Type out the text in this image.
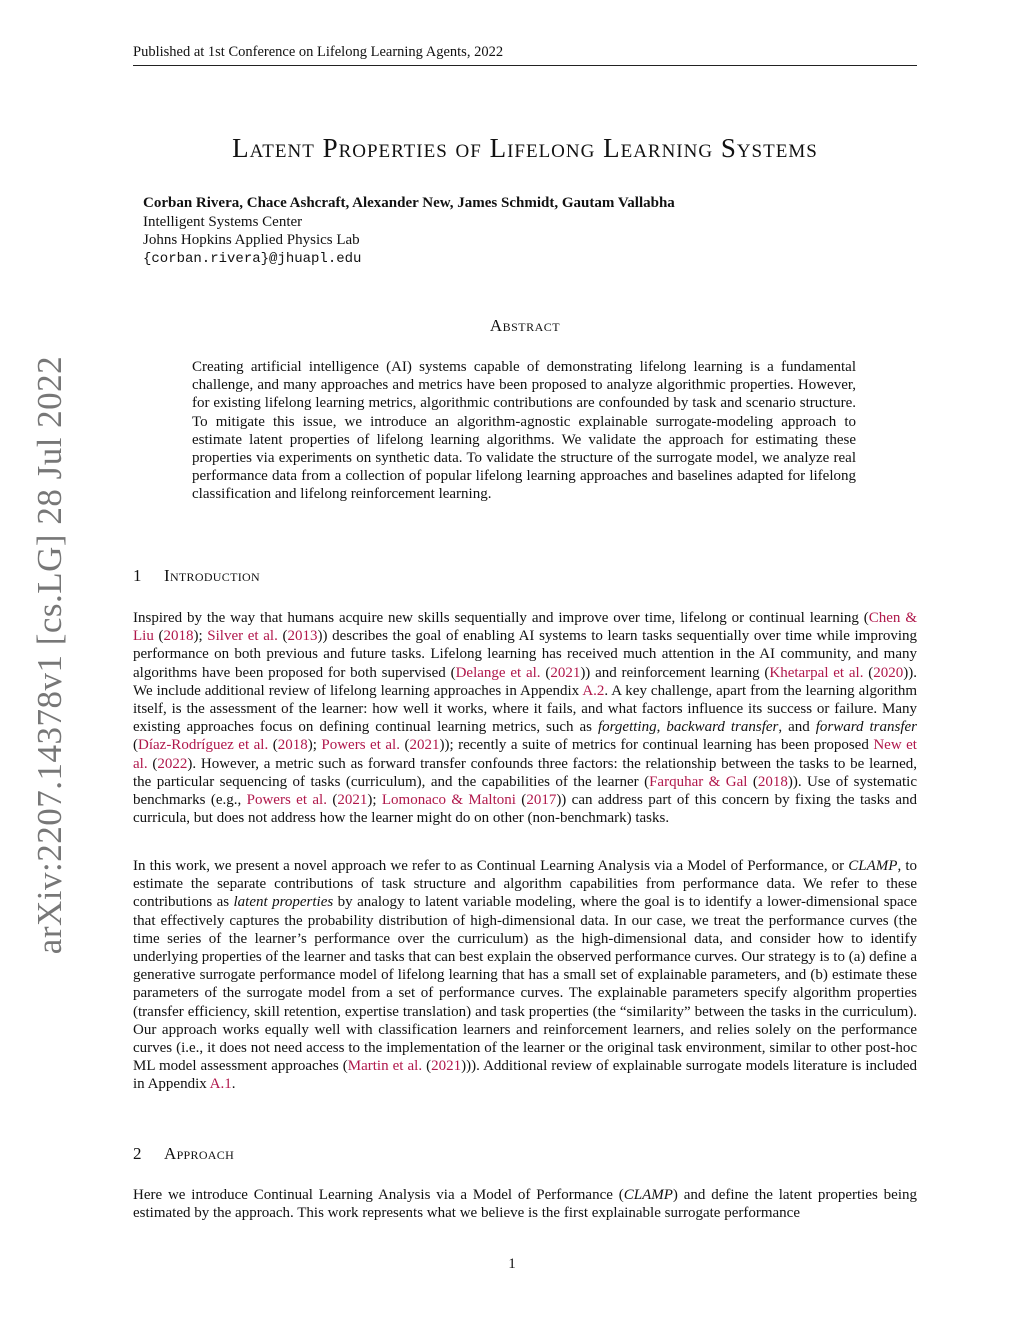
Published at 1st Conference on Lifelong Learning Agents, 2022
arXiv:2207.14378v1 [cs.LG] 28 Jul 2022
Latent Properties of Lifelong Learning Systems
Corban Rivera, Chace Ashcraft, Alexander New, James Schmidt, Gautam Vallabha
Intelligent Systems Center
Johns Hopkins Applied Physics Lab
{corban.rivera}@jhuapl.edu
Abstract
Creating artificial intelligence (AI) systems capable of demonstrating lifelong learning is a fundamental challenge, and many approaches and metrics have been proposed to analyze algorithmic properties. However, for existing lifelong learning metrics, algorithmic contributions are confounded by task and scenario structure. To mitigate this issue, we introduce an algorithm-agnostic explainable surrogate-modeling approach to estimate latent properties of lifelong learning algorithms. We validate the approach for estimating these properties via experiments on synthetic data. To validate the structure of the surrogate model, we analyze real performance data from a collection of popular lifelong learning approaches and baselines adapted for lifelong classification and lifelong reinforcement learning.
1 Introduction

Inspired by the way that humans acquire new skills sequentially and improve over time, lifelong or continual learning (Chen & Liu (2018); Silver et al. (2013)) describes the goal of enabling AI systems to learn tasks sequentially over time while improving performance on both previous and future tasks. Lifelong learning has received much attention in the AI community, and many algorithms have been proposed for both supervised (Delange et al. (2021)) and reinforcement learning (Khetarpal et al. (2020)). We include additional review of lifelong learning approaches in Appendix A.2. A key challenge, apart from the learning algorithm itself, is the assessment of the learner: how well it works, where it fails, and what factors influence its success or failure. Many existing approaches focus on defining continual learning metrics, such as forgetting, backward transfer, and forward transfer (Díaz-Rodríguez et al. (2018); Powers et al. (2021)); recently a suite of metrics for continual learning has been proposed New et al. (2022). However, a metric such as forward transfer confounds three factors: the relationship between the tasks to be learned, the particular sequencing of tasks (curriculum), and the capabilities of the learner (Farquhar & Gal (2018)). Use of systematic benchmarks (e.g., Powers et al. (2021); Lomonaco & Maltoni (2017)) can address part of this concern by fixing the tasks and curricula, but does not address how the learner might do on other (non-benchmark) tasks.

In this work, we present a novel approach we refer to as Continual Learning Analysis via a Model of Performance, or CLAMP, to estimate the separate contributions of task structure and algorithm capabilities from performance data. We refer to these contributions as latent properties by analogy to latent variable modeling, where the goal is to identify a lower-dimensional space that effectively captures the probability distribution of high-dimensional data. In our case, we treat the performance curves (the time series of the learner’s performance over the curriculum) as the high-dimensional data, and consider how to identify underlying properties of the learner and tasks that can best explain the observed performance curves. Our strategy is to (a) define a generative surrogate performance model of lifelong learning that has a small set of explainable parameters, and (b) estimate these parameters of the surrogate model from a set of performance curves. The explainable parameters specify algorithm properties (transfer efficiency, skill retention, expertise translation) and task properties (the “similarity” between the tasks in the curriculum). Our approach works equally well with classification learners and reinforcement learners, and relies solely on the performance curves (i.e., it does not need access to the implementation of the learner or the original task environment, similar to other post-hoc ML model assessment approaches (Martin et al. (2021))). Additional review of explainable surrogate models literature is included in Appendix A.1.

2 Approach

Here we introduce Continual Learning Analysis via a Model of Performance (CLAMP) and define the latent properties being estimated by the approach. This work represents what we believe is the first explainable surrogate performance

1
